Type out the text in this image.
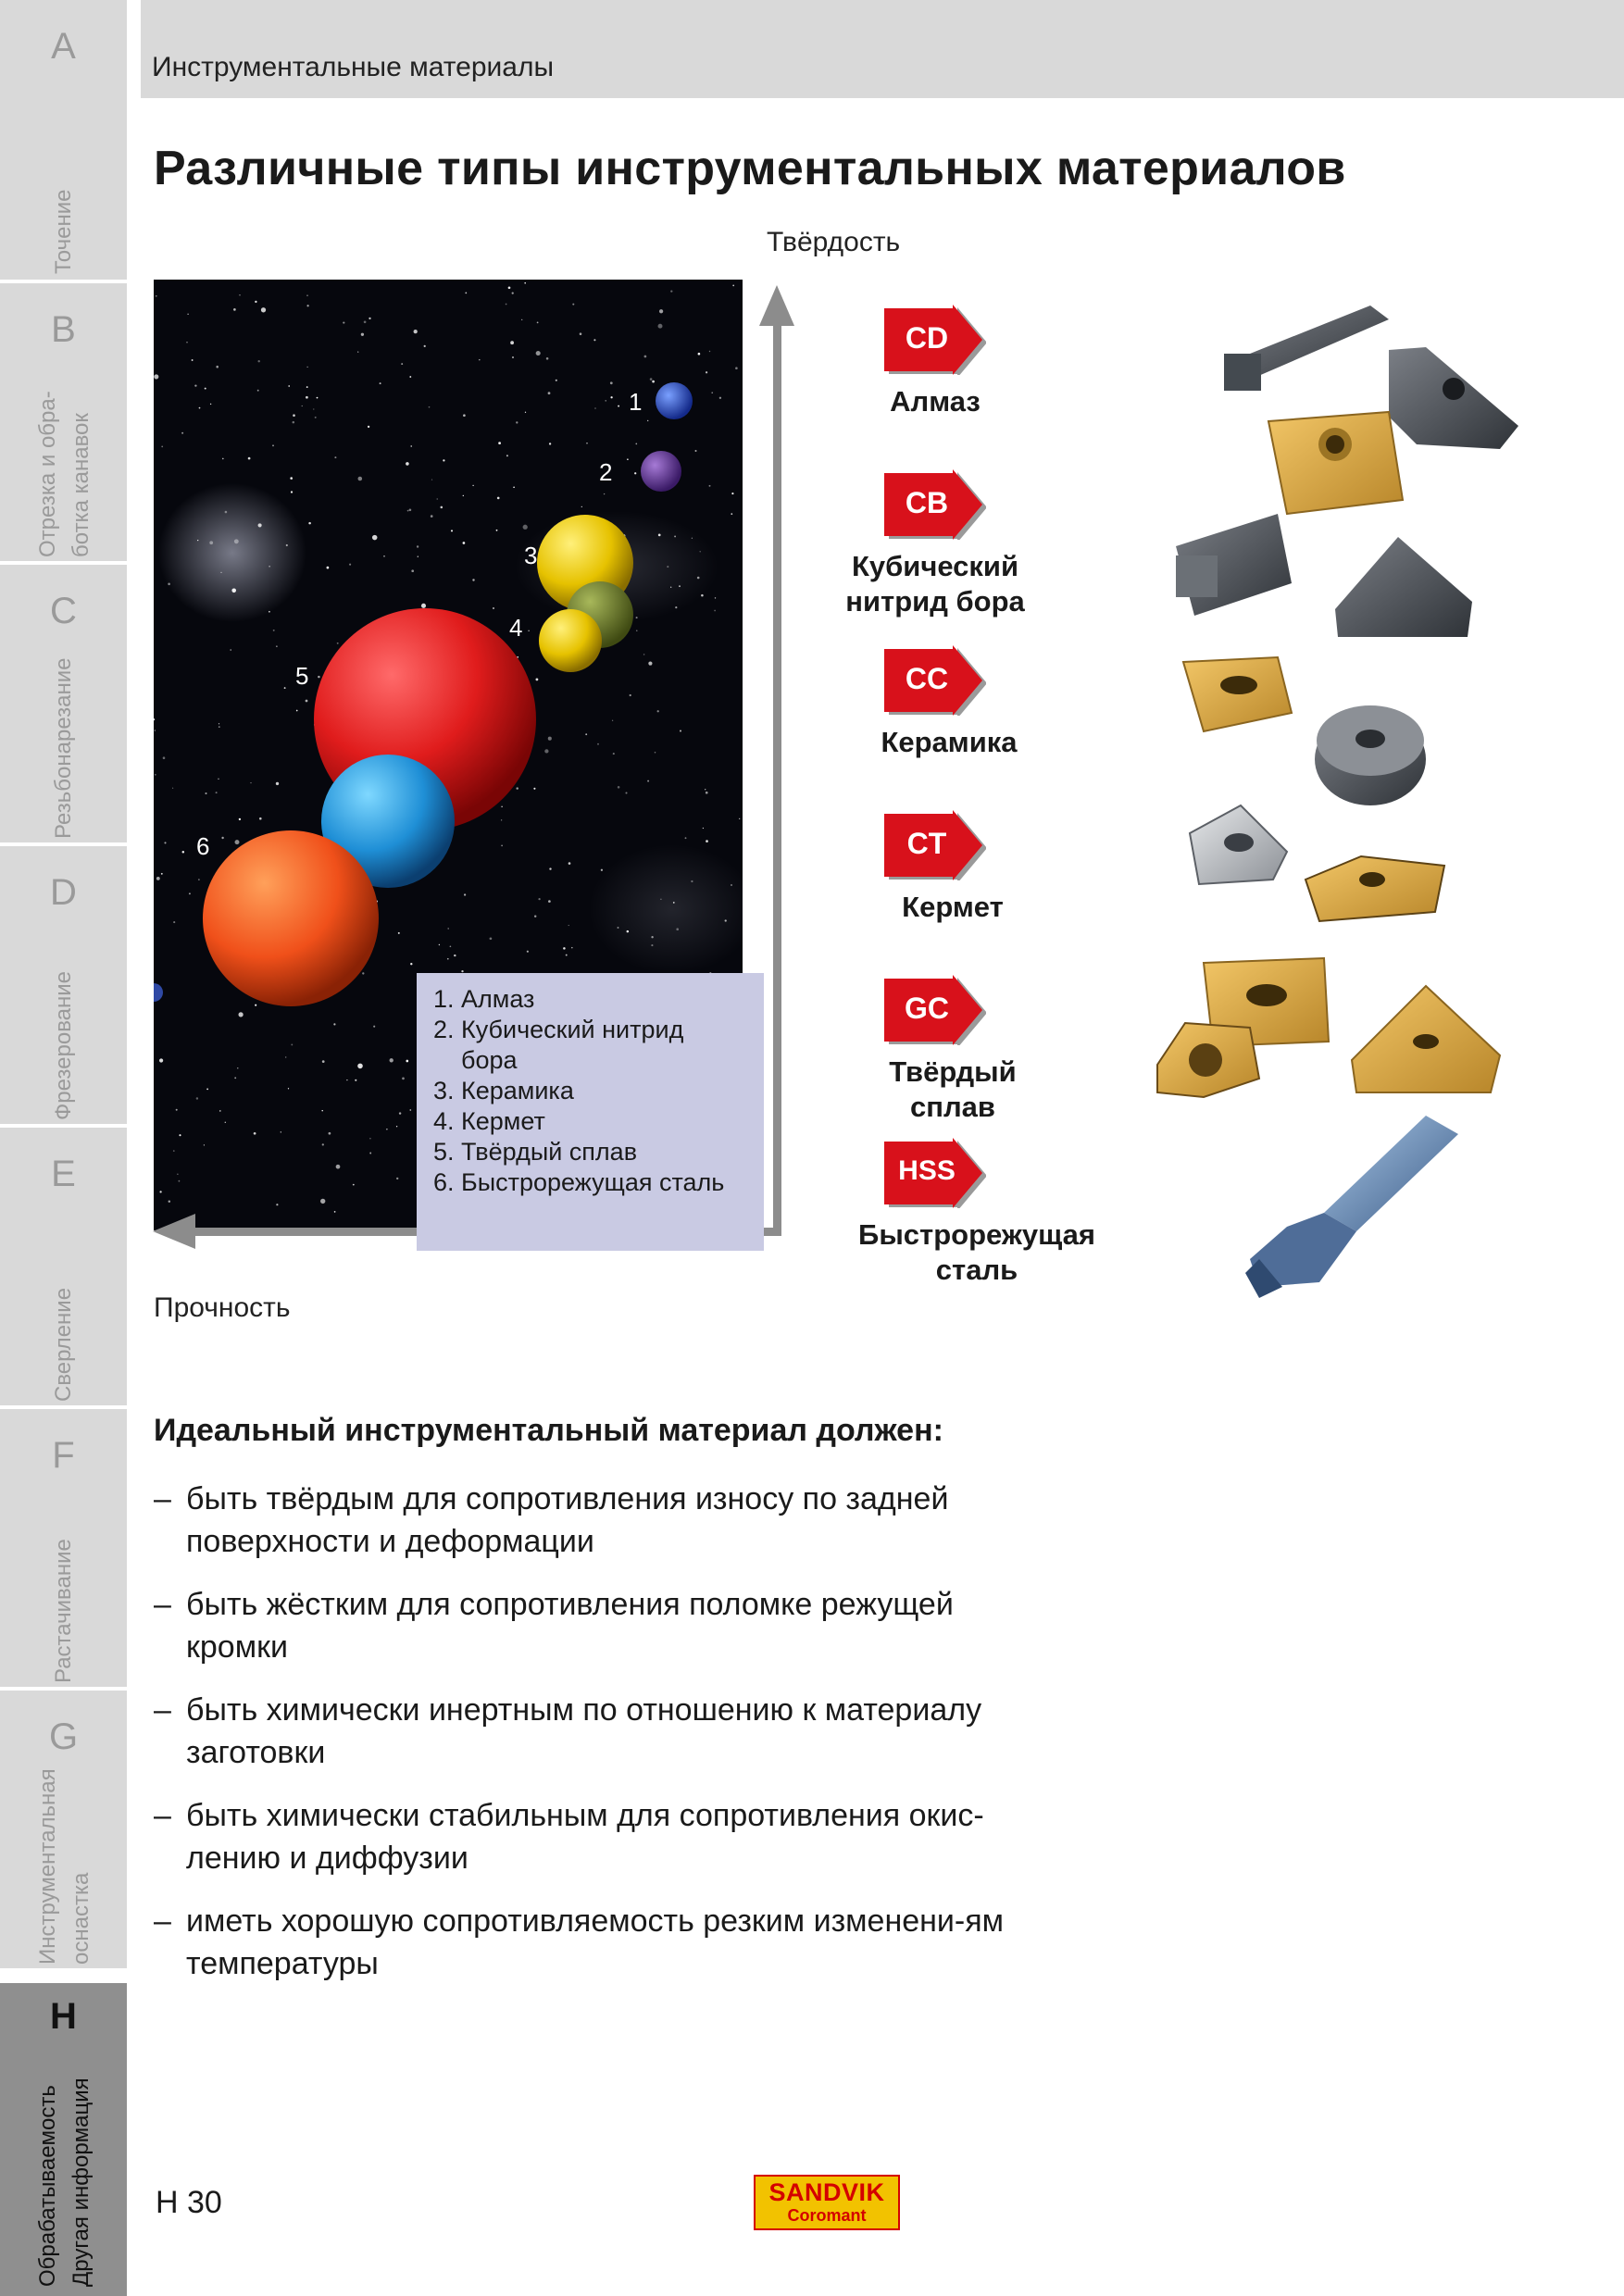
A
Точение
B
Отрезка и обра- ботка канавок
C
Резьбонарезание
D
Фрезерование
E
Сверление
F
Растачивание
G
Инструментальная оснастка
H
Обрабатываемость Другая информация
Инструментальные материалы
Различные типы инструментальных материалов
Твёрдость
Прочность
1
2
3
4
5
6
1. Алмаз
2. Кубический нитрид бора
3. Керамика
4. Кермет
5. Твёрдый сплав
6. Быстрорежущая сталь
CD
Алмаз
CB
Кубический нитрид бора
CC
Керамика
CT
Кермет
GC
Твёрдый сплав
HSS
Быстрорежущая сталь
Идеальный инструментальный материал должен:
– быть твёрдым для сопротивления износу по задней поверхности и деформации
– быть жёстким для сопротивления поломке режущей кромки
– быть химически инертным по отношению к материалу заготовки
– быть химически стабильным для сопротивления окис-лению и диффузии
– иметь хорошую сопротивляемость резким изменени-ям температуры
H 30	SANDVIK
Coromant
